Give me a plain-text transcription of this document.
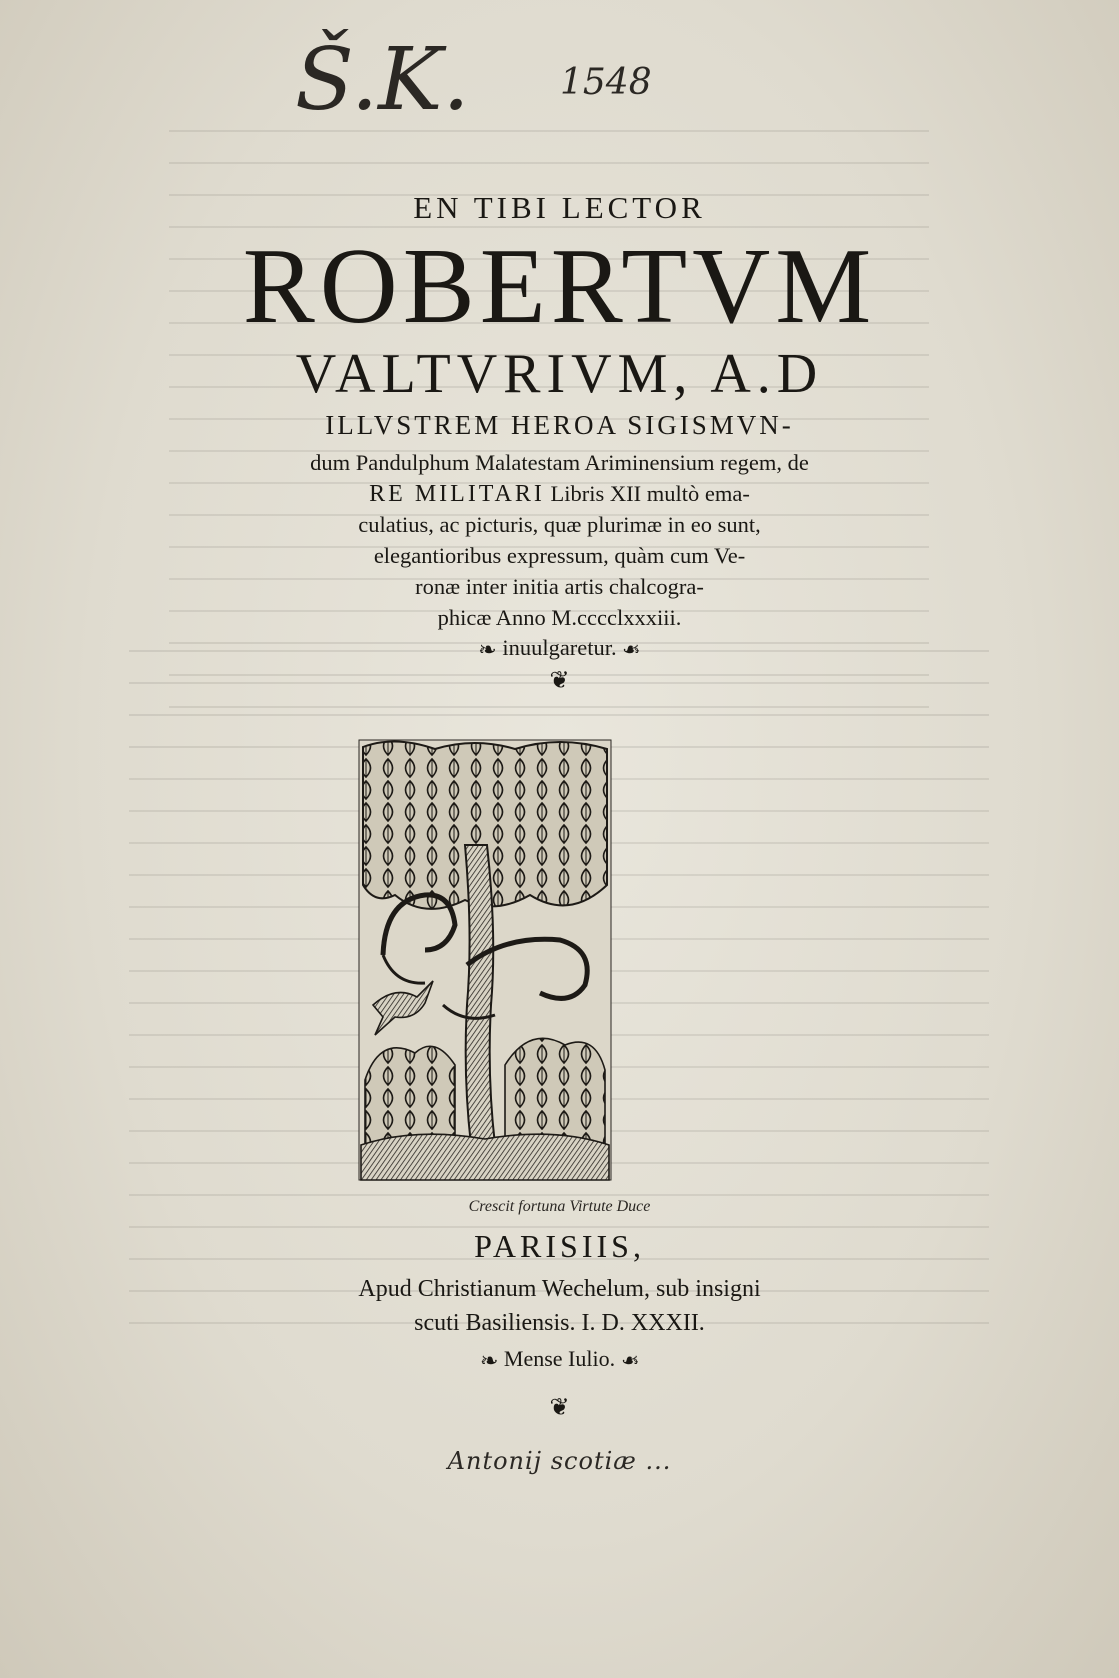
Š.K.	1548
EN TIBI LECTOR
ROBERTVM
VALTVRIVM, A.D
ILLVSTREM HEROA SIGISMVN-
dum Pandulphum Malatestam Ariminensium regem, de
RE MILITARI Libris XII multò ema-
culatius, ac picturis, quæ plurimæ in eo sunt,
elegantioribus expressum, quàm cum Ve-
ronæ inter initia artis chalcogra-
phicæ Anno M.cccclxxxiii.
❧ inuulgaretur. ❧
❦
Crescit fortuna Virtute Duce
PARISIIS,
Apud Christianum Wechelum, sub insigni
scuti Basiliensis. I. D. XXXII.
❧ Mense Iulio. ❧
❦
Antonij scotiæ ...
